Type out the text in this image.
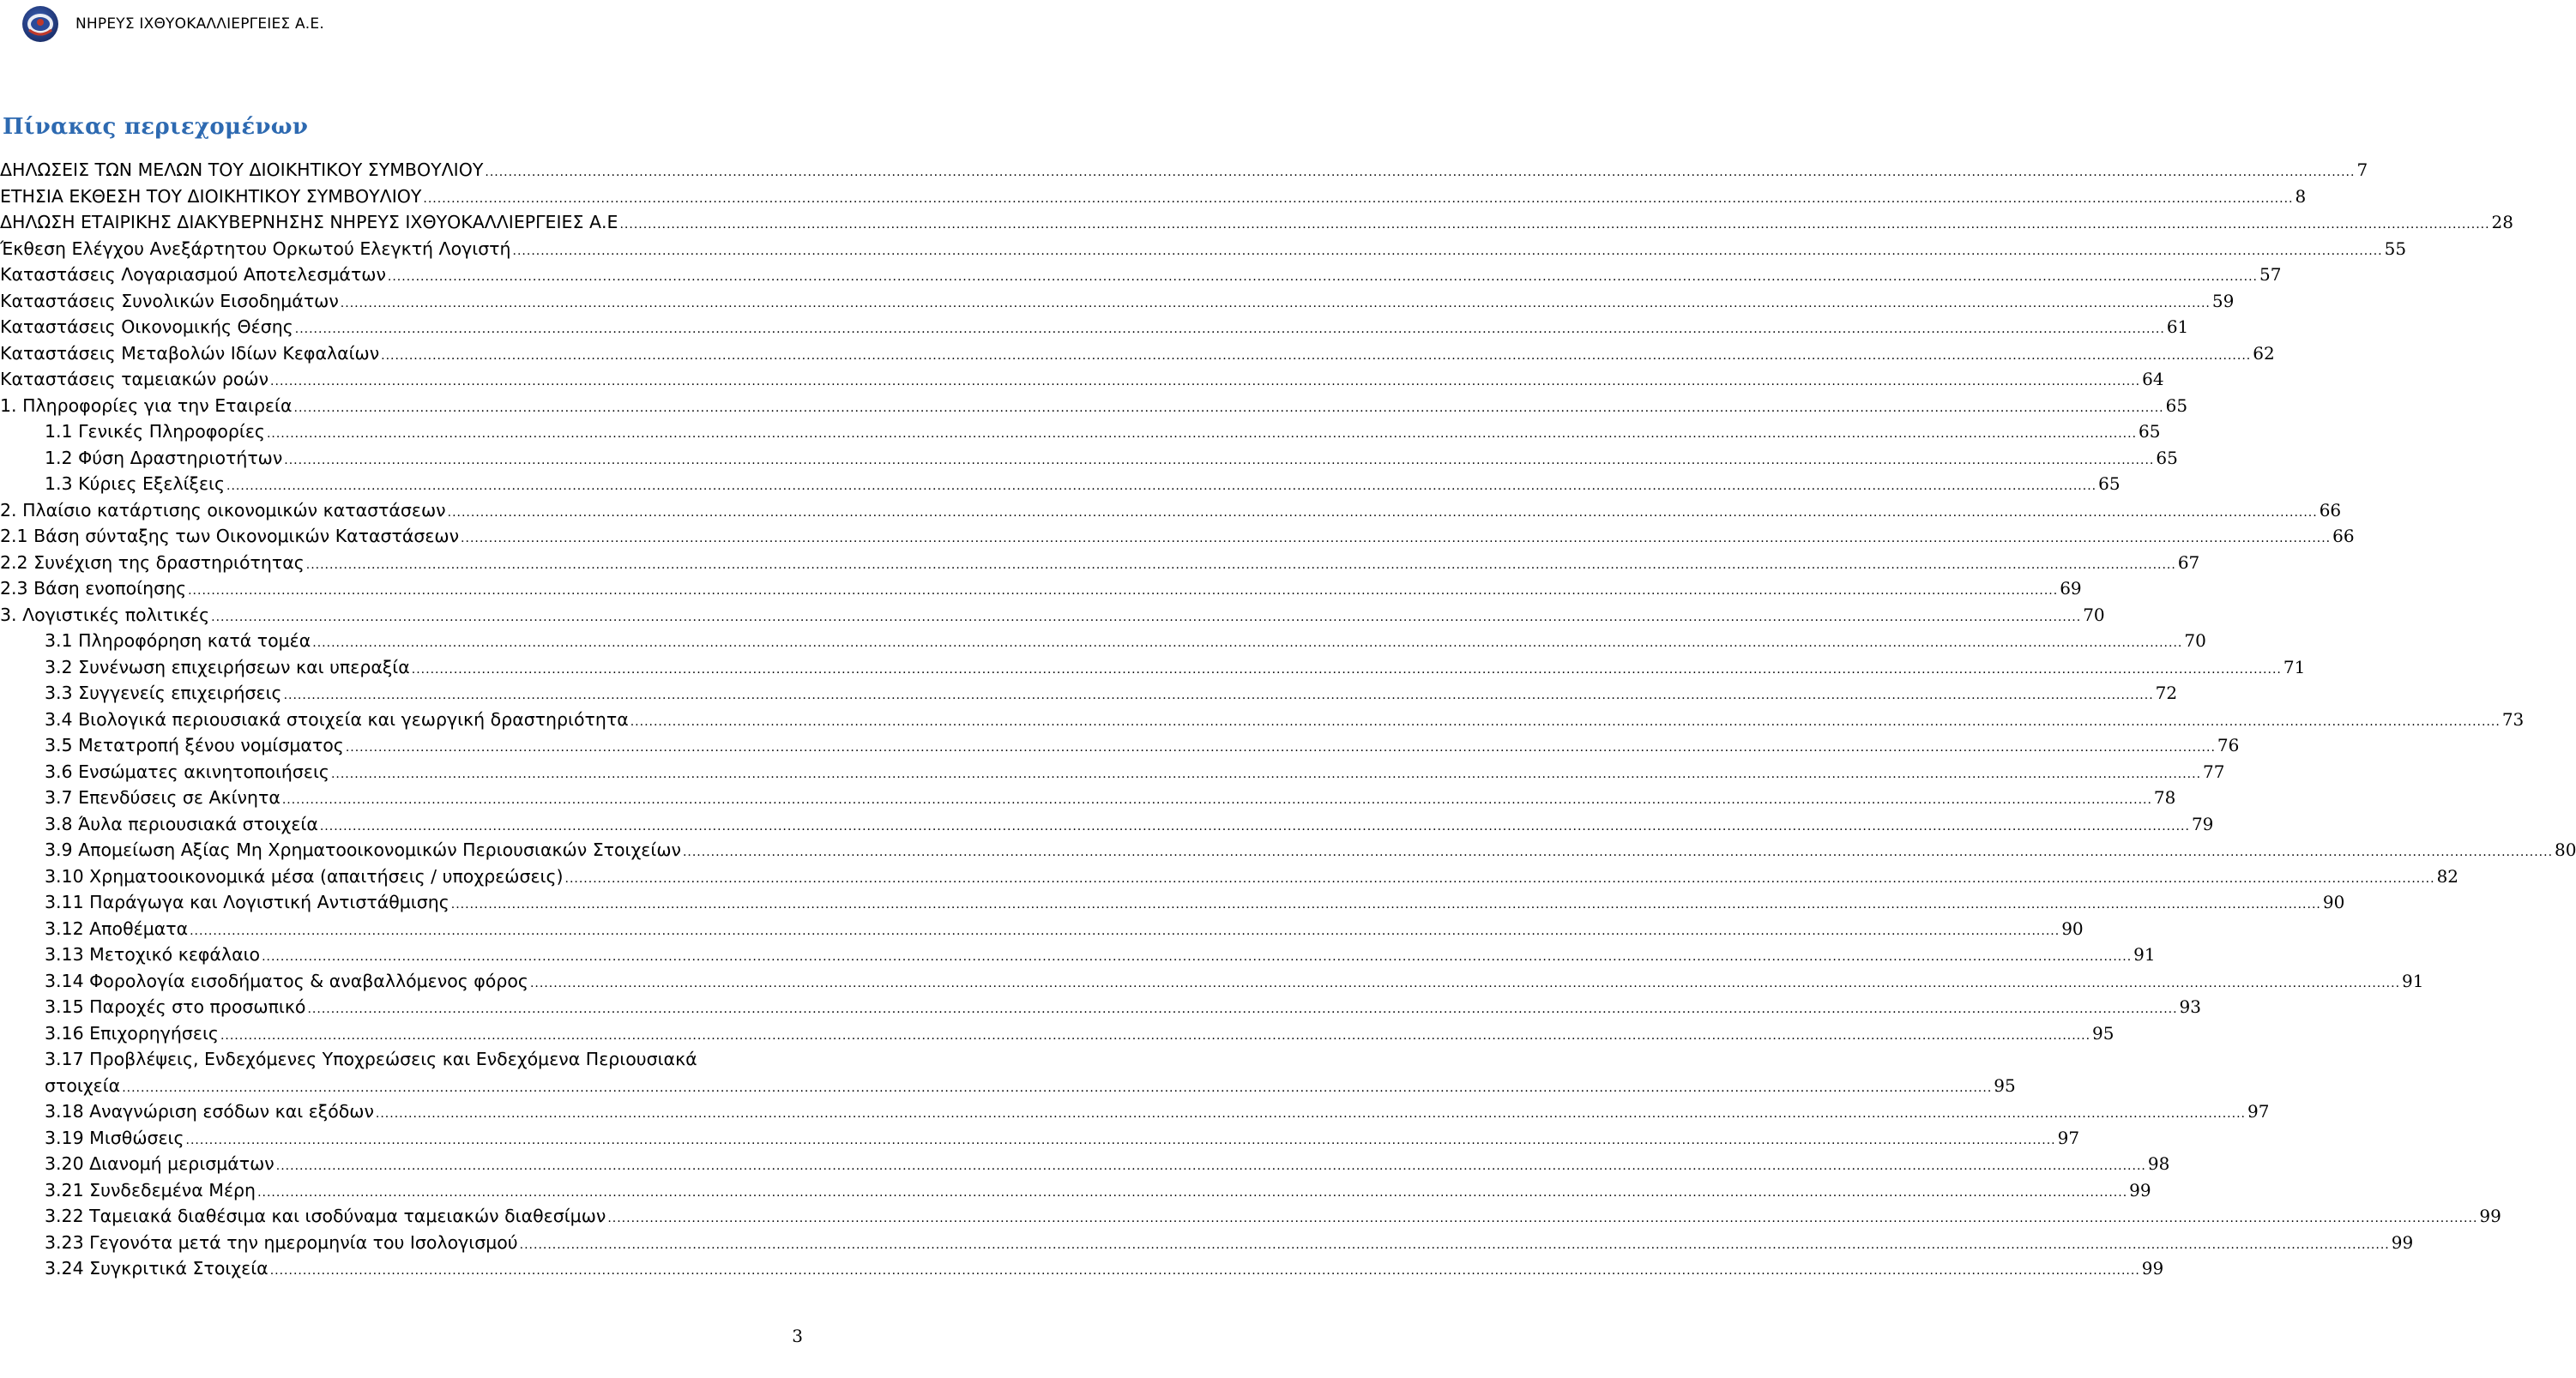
ΝΗΡΕΥΣ ΙΧΘΥΟΚΑΛΛΙΕΡΓΕΙΕΣ Α.Ε.
Πίνακας περιεχομένων
ΔΗΛΩΣΕΙΣ ΤΩΝ ΜΕΛΩΝ ΤΟΥ ΔΙΟΙΚΗΤΙΚΟΥ ΣΥΜΒΟΥΛΙΟΥ ................................................................................................................................................................................................................................................................................................................................................................................................................ 7
ΕΤΗΣΙΑ ΕΚΘΕΣΗ ΤΟΥ ΔΙΟΙΚΗΤΙΚΟΥ ΣΥΜΒΟΥΛΙΟΥ ................................................................................................................................................................................................................................................................................................................................................................................................................ 8
ΔΗΛΩΣΗ ΕΤΑΙΡΙΚΗΣ ΔΙΑΚΥΒΕΡΝΗΣΗΣ ΝΗΡΕΥΣ ΙΧΘΥΟΚΑΛΛΙΕΡΓΕΙΕΣ Α.Ε ................................................................................................................................................................................................................................................................................................................................................................................................................ 28
Έκθεση Ελέγχου Ανεξάρτητου Ορκωτού Ελεγκτή Λογιστή ................................................................................................................................................................................................................................................................................................................................................................................................................ 55
Καταστάσεις Λογαριασμού Αποτελεσμάτων ................................................................................................................................................................................................................................................................................................................................................................................................................ 57
Καταστάσεις Συνολικών Εισοδημάτων ................................................................................................................................................................................................................................................................................................................................................................................................................ 59
Καταστάσεις Οικονομικής Θέσης ................................................................................................................................................................................................................................................................................................................................................................................................................ 61
Καταστάσεις Μεταβολών Ιδίων Κεφαλαίων ................................................................................................................................................................................................................................................................................................................................................................................................................ 62
Καταστάσεις ταμειακών ροών ................................................................................................................................................................................................................................................................................................................................................................................................................ 64
1. Πληροφορίες για την Εταιρεία ................................................................................................................................................................................................................................................................................................................................................................................................................ 65
1.1 Γενικές Πληροφορίες ................................................................................................................................................................................................................................................................................................................................................................................................................ 65
1.2 Φύση Δραστηριοτήτων ................................................................................................................................................................................................................................................................................................................................................................................................................ 65
1.3 Κύριες Εξελίξεις ................................................................................................................................................................................................................................................................................................................................................................................................................ 65
2. Πλαίσιο κατάρτισης οικονομικών καταστάσεων ................................................................................................................................................................................................................................................................................................................................................................................................................ 66
2.1 Βάση σύνταξης των Οικονομικών Καταστάσεων ................................................................................................................................................................................................................................................................................................................................................................................................................ 66
2.2 Συνέχιση της δραστηριότητας ................................................................................................................................................................................................................................................................................................................................................................................................................ 67
2.3 Βάση ενοποίησης ................................................................................................................................................................................................................................................................................................................................................................................................................ 69
3. Λογιστικές πολιτικές ................................................................................................................................................................................................................................................................................................................................................................................................................ 70
3.1 Πληροφόρηση κατά τομέα ................................................................................................................................................................................................................................................................................................................................................................................................................ 70
3.2 Συνένωση επιχειρήσεων και υπεραξία ................................................................................................................................................................................................................................................................................................................................................................................................................ 71
3.3 Συγγενείς επιχειρήσεις ................................................................................................................................................................................................................................................................................................................................................................................................................ 72
3.4 Βιολογικά περιουσιακά στοιχεία και γεωργική δραστηριότητα ................................................................................................................................................................................................................................................................................................................................................................................................................ 73
3.5 Μετατροπή ξένου νομίσματος ................................................................................................................................................................................................................................................................................................................................................................................................................ 76
3.6 Ενσώματες ακινητοποιήσεις ................................................................................................................................................................................................................................................................................................................................................................................................................ 77
3.7 Επενδύσεις σε Ακίνητα ................................................................................................................................................................................................................................................................................................................................................................................................................ 78
3.8 Άυλα περιουσιακά στοιχεία ................................................................................................................................................................................................................................................................................................................................................................................................................ 79
3.9 Απομείωση Αξίας Μη Χρηματοοικονομικών Περιουσιακών Στοιχείων ................................................................................................................................................................................................................................................................................................................................................................................................................ 80
3.10 Χρηματοοικονομικά μέσα (απαιτήσεις / υποχρεώσεις) ................................................................................................................................................................................................................................................................................................................................................................................................................ 82
3.11 Παράγωγα και Λογιστική Αντιστάθμισης ................................................................................................................................................................................................................................................................................................................................................................................................................ 90
3.12 Αποθέματα ................................................................................................................................................................................................................................................................................................................................................................................................................ 90
3.13 Μετοχικό κεφάλαιο ................................................................................................................................................................................................................................................................................................................................................................................................................ 91
3.14 Φορολογία εισοδήματος & αναβαλλόμενος φόρος ................................................................................................................................................................................................................................................................................................................................................................................................................ 91
3.15 Παροχές στο προσωπικό ................................................................................................................................................................................................................................................................................................................................................................................................................ 93
3.16 Επιχορηγήσεις ................................................................................................................................................................................................................................................................................................................................................................................................................ 95
3.17 Προβλέψεις, Ενδεχόμενες Υποχρεώσεις και Ενδεχόμενα Περιουσιακά
στοιχεία ................................................................................................................................................................................................................................................................................................................................................................................................................ 95
3.18 Αναγνώριση εσόδων και εξόδων ................................................................................................................................................................................................................................................................................................................................................................................................................ 97
3.19 Μισθώσεις ................................................................................................................................................................................................................................................................................................................................................................................................................ 97
3.20 Διανομή μερισμάτων ................................................................................................................................................................................................................................................................................................................................................................................................................ 98
3.21 Συνδεδεμένα Μέρη ................................................................................................................................................................................................................................................................................................................................................................................................................ 99
3.22 Ταμειακά διαθέσιμα και ισοδύναμα ταμειακών διαθεσίμων ................................................................................................................................................................................................................................................................................................................................................................................................................ 99
3.23 Γεγονότα μετά την ημερομηνία του Ισολογισμού ................................................................................................................................................................................................................................................................................................................................................................................................................ 99
3.24 Συγκριτικά Στοιχεία ................................................................................................................................................................................................................................................................................................................................................................................................................ 99
3
